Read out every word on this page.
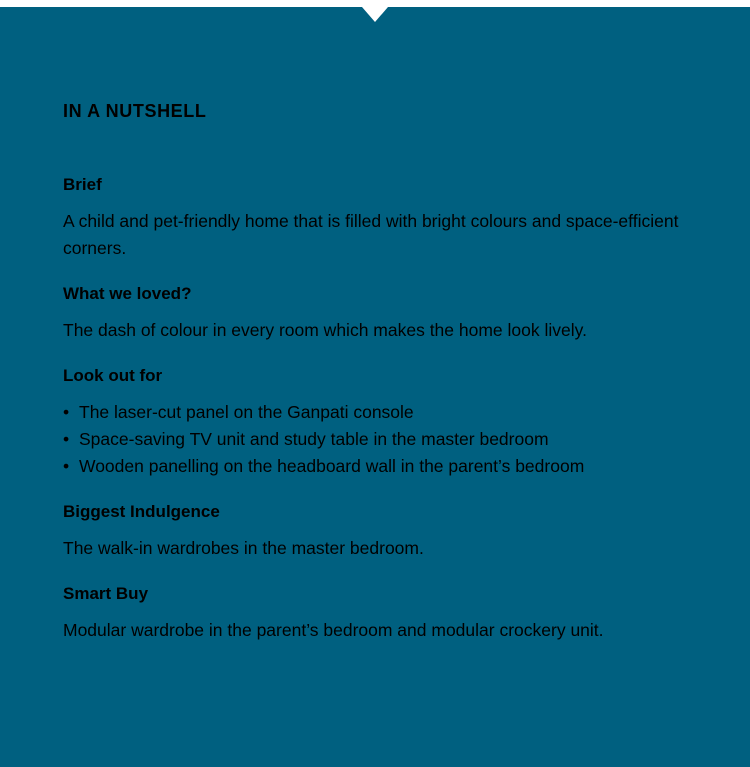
IN A NUTSHELL
Brief

A child and pet-friendly home that is filled with bright colours and space-efficient corners.

What we loved?

The dash of colour in every room which makes the home look lively.

Look out for
• The laser-cut panel on the Ganpati console
• Space-saving TV unit and study table in the master bedroom
• Wooden panelling on the headboard wall in the parent’s bedroom
Biggest Indulgence

The walk-in wardrobes in the master bedroom.

Smart Buy

Modular wardrobe in the parent’s bedroom and modular crockery unit.
